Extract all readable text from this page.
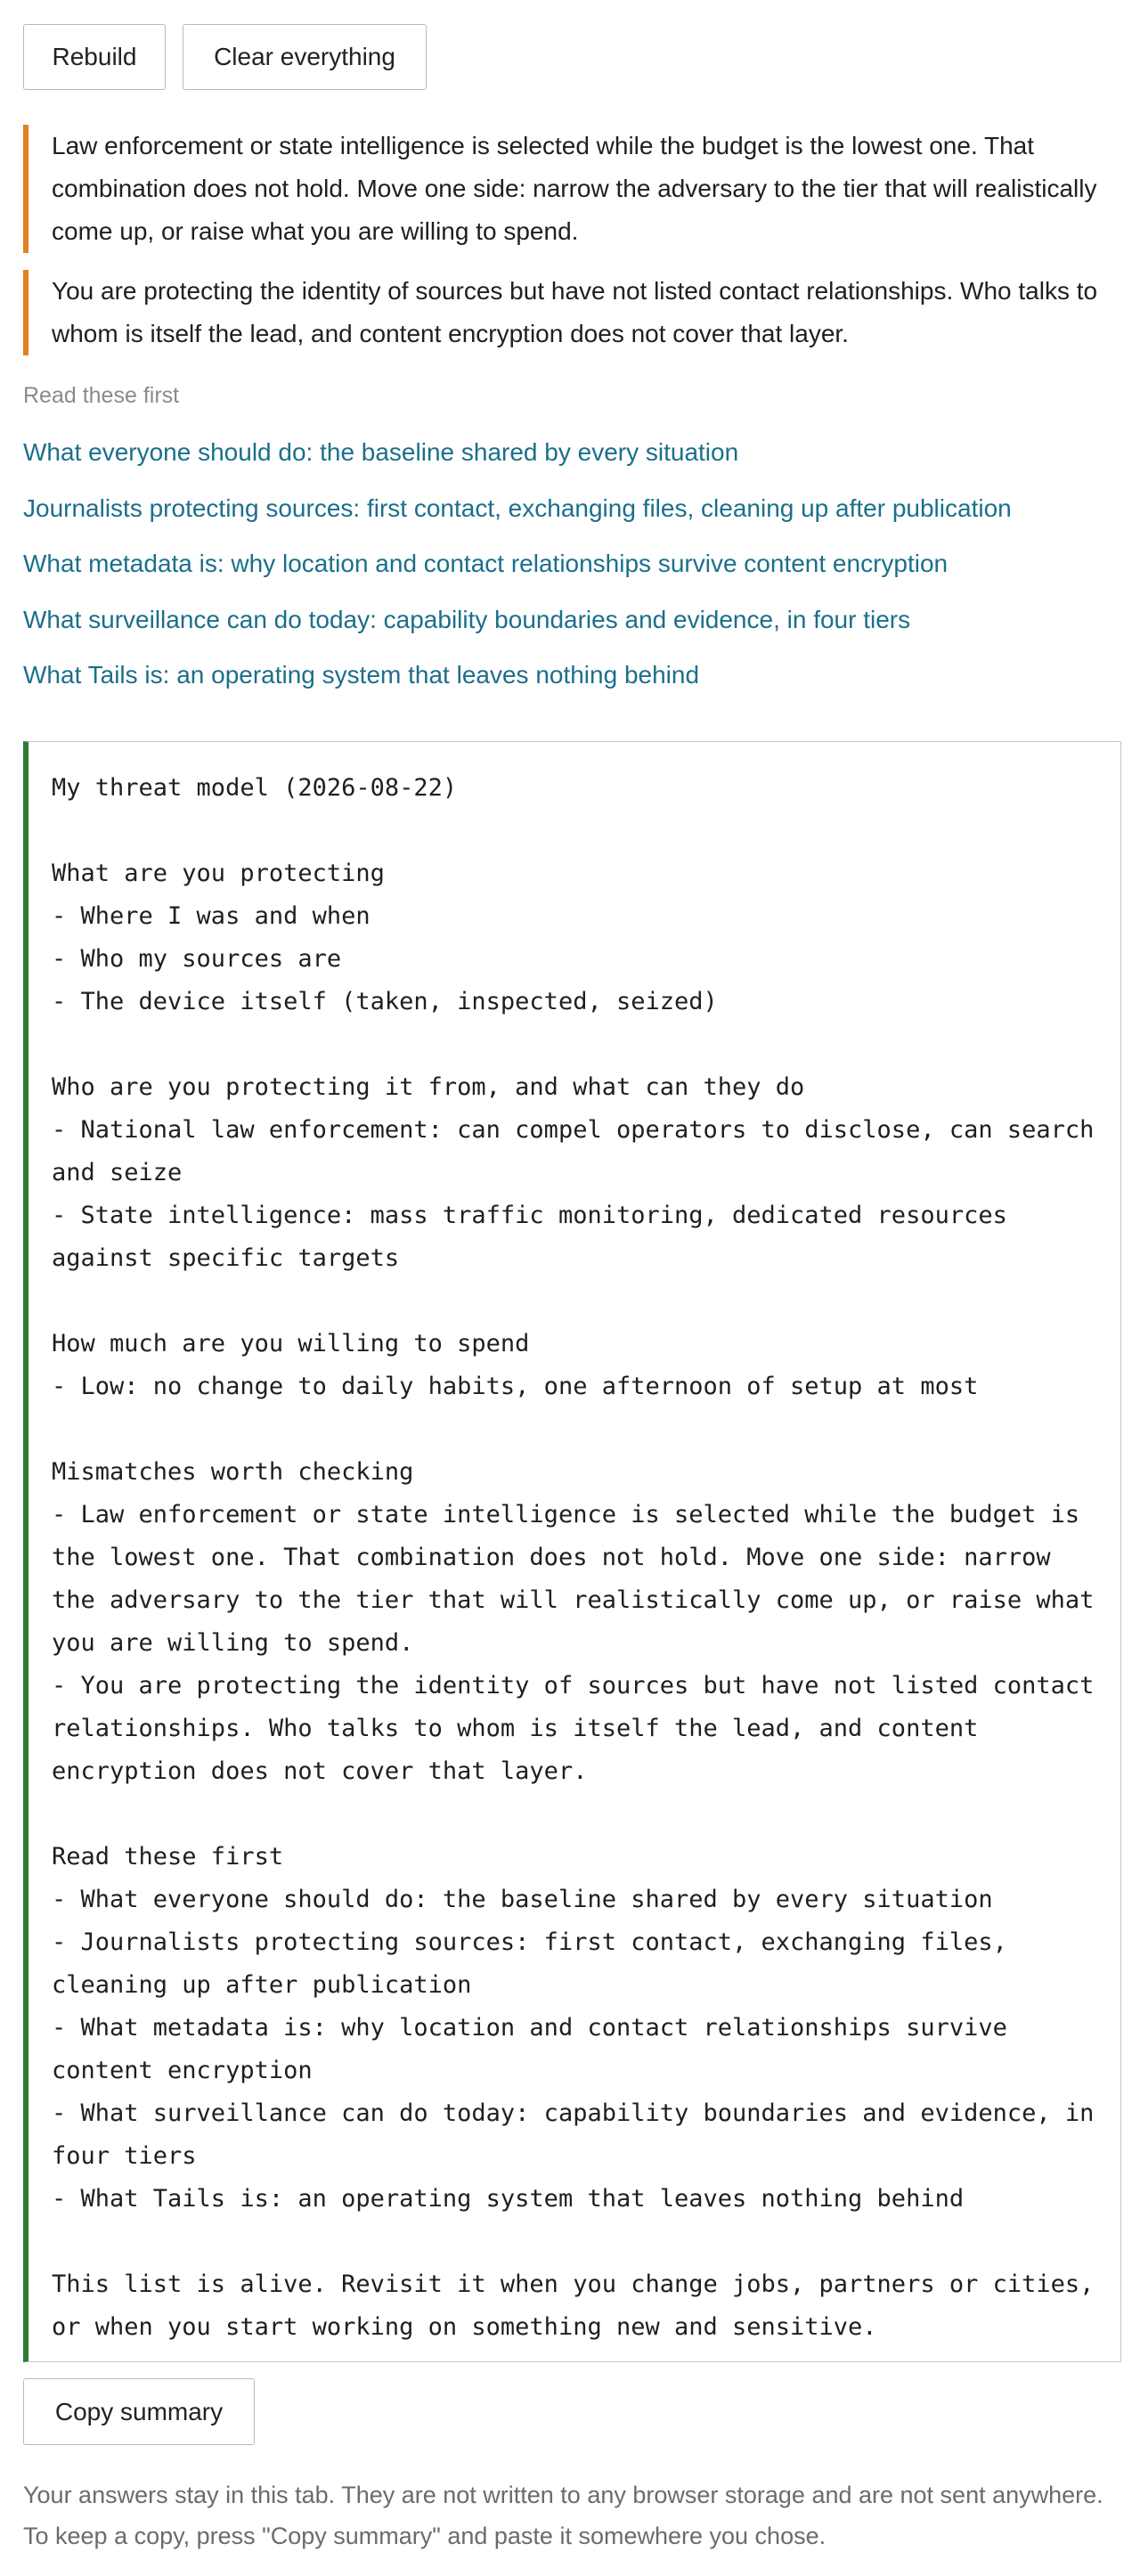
Rebuild	Clear everything
Law enforcement or state intelligence is selected while the budget is the lowest one. That combination does not hold. Move one side: narrow the adversary to the tier that will realistically come up, or raise what you are willing to spend.
You are protecting the identity of sources but have not listed contact relationships. Who talks to whom is itself the lead, and content encryption does not cover that layer.
Read these first
What everyone should do: the baseline shared by every situation
Journalists protecting sources: first contact, exchanging files, cleaning up after publication
What metadata is: why location and contact relationships survive content encryption
What surveillance can do today: capability boundaries and evidence, in four tiers
What Tails is: an operating system that leaves nothing behind
My threat model (2026-08-22)

What are you protecting
- Where I was and when
- Who my sources are
- The device itself (taken, inspected, seized)

Who are you protecting it from, and what can they do
- National law enforcement: can compel operators to disclose, can search and seize
- State intelligence: mass traffic monitoring, dedicated resources against specific targets

How much are you willing to spend
- Low: no change to daily habits, one afternoon of setup at most

Mismatches worth checking
- Law enforcement or state intelligence is selected while the budget is the lowest one. That combination does not hold. Move one side: narrow the adversary to the tier that will realistically come up, or raise what you are willing to spend.
- You are protecting the identity of sources but have not listed contact relationships. Who talks to whom is itself the lead, and content encryption does not cover that layer.

Read these first
- What everyone should do: the baseline shared by every situation
- Journalists protecting sources: first contact, exchanging files, cleaning up after publication
- What metadata is: why location and contact relationships survive content encryption
- What surveillance can do today: capability boundaries and evidence, in four tiers
- What Tails is: an operating system that leaves nothing behind

This list is alive. Revisit it when you change jobs, partners or cities, or when you start working on something new and sensitive.
Copy summary
Your answers stay in this tab. They are not written to any browser storage and are not sent anywhere. To keep a copy, press "Copy summary" and paste it somewhere you chose.
